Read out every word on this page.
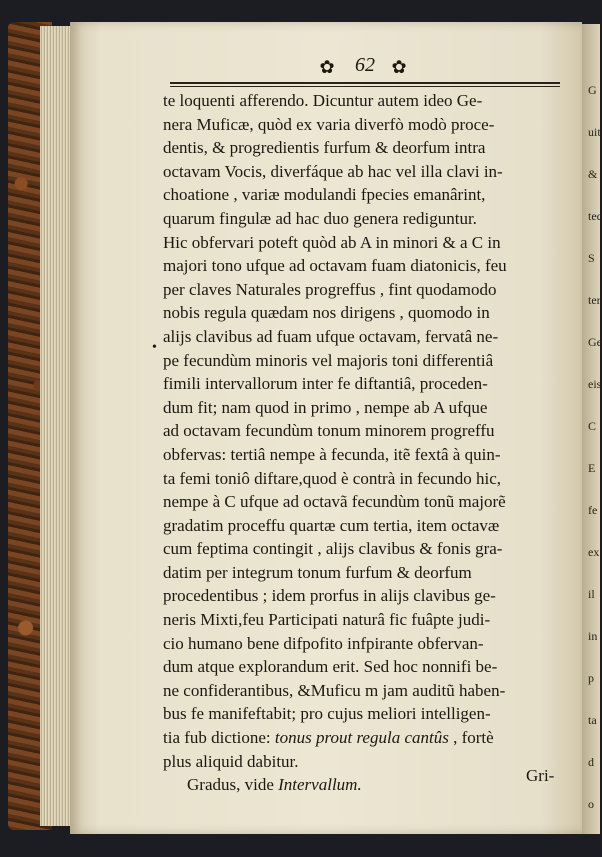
G
uit
&
tec
S
ter
Ge
eis
C
E
fe
ex
il
in
p
ta
d
o
✿	62 ✿
•
te loquenti afferendo. Dicuntur autem ideo Ge-
nera Muficæ, quòd ex varia diverfò modò proce-
dentis, & progredientis furfum & deorfum intra
octavam Vocis, diverfáque ab hac vel illa clavi in-
choatione , variæ modulandi fpecies emanârint,
quarum fingulæ ad hac duo genera rediguntur.
Hic obfervari poteft quòd ab A in minori & a C in
majori tono ufque ad octavam fuam diatonicis, feu
per claves Naturales progreffus , fint quodamodo
nobis regula quædam nos dirigens , quomodo in
alijs clavibus ad fuam ufque octavam, fervatâ ne-
pe fecundùm minoris vel majoris toni differentiâ
fimili intervallorum inter fe diftantiâ, proceden-
dum fit; nam quod in primo , nempe ab A ufque
ad octavam fecundùm tonum minorem progreffu
obfervas: tertiâ nempe à fecunda, itẽ fextâ à quin-
ta femi toniô diftare,quod è contrà in fecundo hic,
nempe à C ufque ad octavã fecundùm tonũ majorẽ
gradatim proceffu quartæ cum tertia, item octavæ
cum feptima contingit , alijs clavibus & fonis gra-
datim per integrum tonum furfum & deorfum
procedentibus ; idem prorfus in alijs clavibus ge-
neris Mixti,feu Participati naturâ fic fuâpte judi-
cio humano bene difpofito infpirante obfervan-
dum atque explorandum erit. Sed hoc nonnifi be-
ne confiderantibus, &Muficu m jam auditũ haben-
bus fe manifeftabit; pro cujus meliori intelligen-
tia fub dictione: tonus prout regula cantûs , fortè
plus aliquid dabitur.
Gradus, vide Intervallum.	Gri-
